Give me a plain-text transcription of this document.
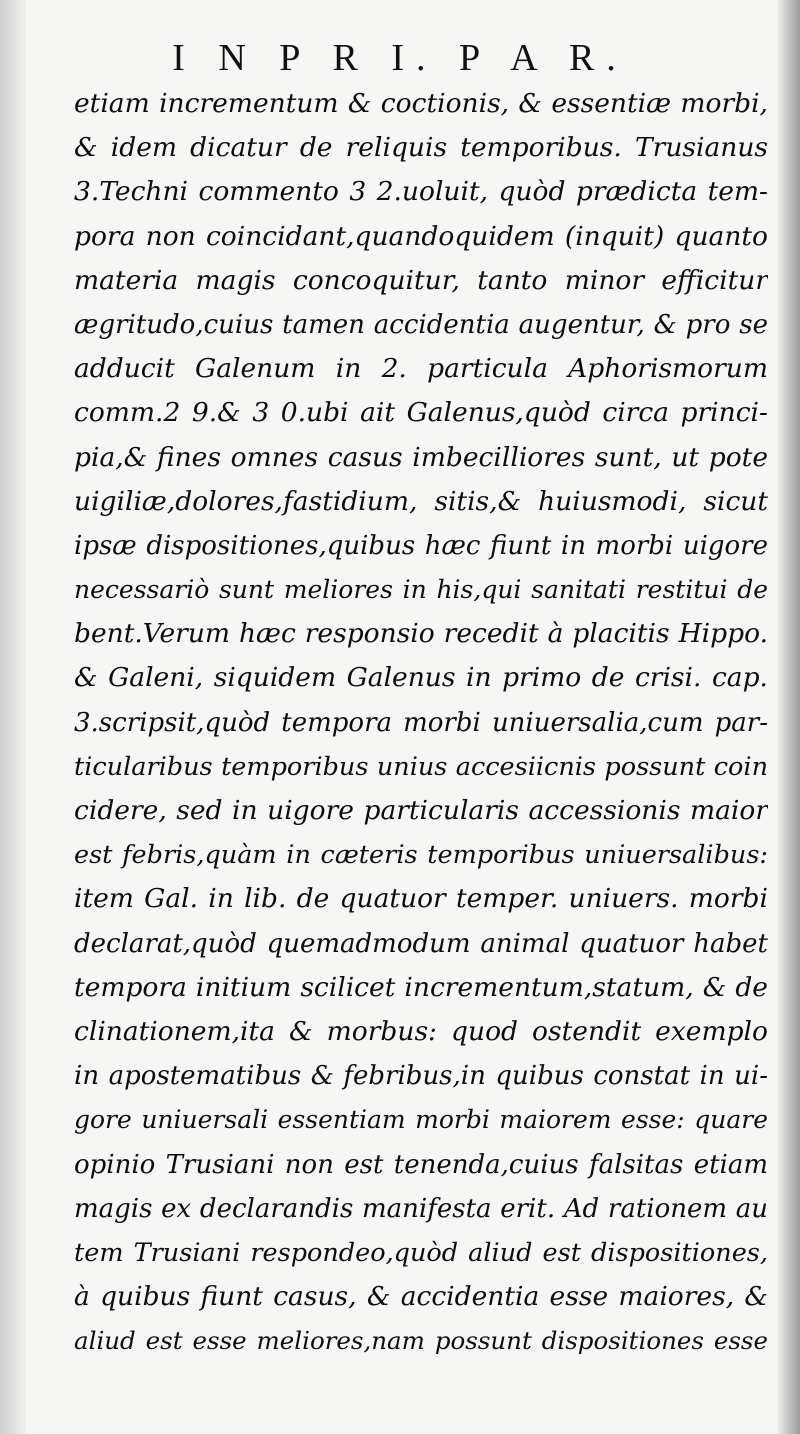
I N P R I. P A R.
etiam incrementum & coctionis, & essentiæ morbi,
& idem dicatur de reliquis temporibus. Trusianus
3.Techni commento 3 2.uoluit, quòd prædicta tem-
pora non coincidant,quandoquidem (inquit) quanto
materia magis concoquitur, tanto minor efficitur
ægritudo,cuius tamen accidentia augentur, & pro se
adducit Galenum in 2. particula Aphorismorum
comm.2 9.& 3 0.ubi ait Galenus,quòd circa princi-
pia,& fines omnes casus imbecilliores sunt, ut pote
uigiliæ,dolores,fastidium, sitis,& huiusmodi, sicut
ipsæ dispositiones,quibus hæc fiunt in morbi uigore
necessariò sunt meliores in his,qui sanitati restitui de
bent.Verum hæc responsio recedit à placitis Hippo.
& Galeni, siquidem Galenus in primo de crisi. cap.
3.scripsit,quòd tempora morbi uniuersalia,cum par-
ticularibus temporibus unius accesiicnis possunt coin
cidere, sed in uigore particularis accessionis maior
est febris,quàm in cæteris temporibus uniuersalibus:
item Gal. in lib. de quatuor temper. uniuers. morbi
declarat,quòd quemadmodum animal quatuor habet
tempora initium scilicet incrementum,statum, & de
clinationem,ita & morbus: quod ostendit exemplo
in apostematibus & febribus,in quibus constat in ui-
gore uniuersali essentiam morbi maiorem esse: quare
opinio Trusiani non est tenenda,cuius falsitas etiam
magis ex declarandis manifesta erit. Ad rationem au
tem Trusiani respondeo,quòd aliud est dispositiones,
à quibus fiunt casus, & accidentia esse maiores, &
aliud est esse meliores,nam possunt dispositiones esse
